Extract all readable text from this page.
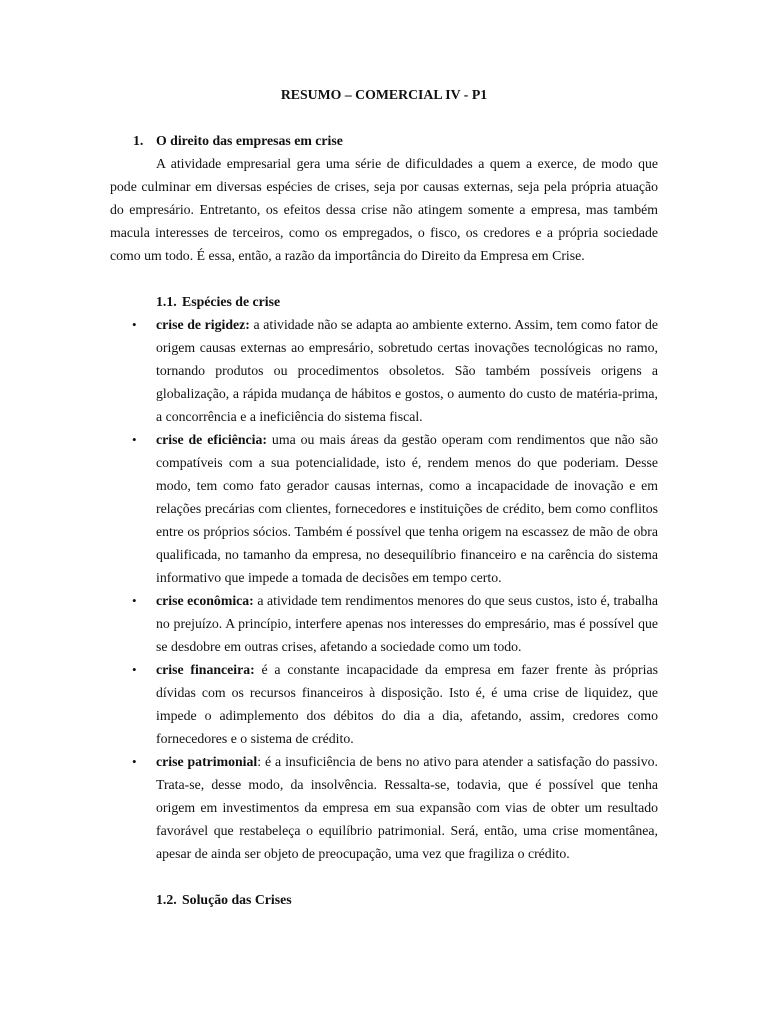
RESUMO – COMERCIAL IV - P1
1. O direito das empresas em crise

A atividade empresarial gera uma série de dificuldades a quem a exerce, de modo que pode culminar em diversas espécies de crises, seja por causas externas, seja pela própria atuação do empresário. Entretanto, os efeitos dessa crise não atingem somente a empresa, mas também macula interesses de terceiros, como os empregados, o fisco, os credores e a própria sociedade como um todo. É essa, então, a razão da importância do Direito da Empresa em Crise.

1.1. Espécies de crise
• crise de rigidez: a atividade não se adapta ao ambiente externo. Assim, tem como fator de origem causas externas ao empresário, sobretudo certas inovações tecnológicas no ramo, tornando produtos ou procedimentos obsoletos. São também possíveis origens a globalização, a rápida mudança de hábitos e gostos, o aumento do custo de matéria-prima, a concorrência e a ineficiência do sistema fiscal.
• crise de eficiência: uma ou mais áreas da gestão operam com rendimentos que não são compatíveis com a sua potencialidade, isto é, rendem menos do que poderiam. Desse modo, tem como fato gerador causas internas, como a incapacidade de inovação e em relações precárias com clientes, fornecedores e instituições de crédito, bem como conflitos entre os próprios sócios. Também é possível que tenha origem na escassez de mão de obra qualificada, no tamanho da empresa, no desequilíbrio financeiro e na carência do sistema informativo que impede a tomada de decisões em tempo certo.
• crise econômica: a atividade tem rendimentos menores do que seus custos, isto é, trabalha no prejuízo. A princípio, interfere apenas nos interesses do empresário, mas é possível que se desdobre em outras crises, afetando a sociedade como um todo.
• crise financeira: é a constante incapacidade da empresa em fazer frente às próprias dívidas com os recursos financeiros à disposição. Isto é, é uma crise de liquidez, que impede o adimplemento dos débitos do dia a dia, afetando, assim, credores como fornecedores e o sistema de crédito.
• crise patrimonial: é a insuficiência de bens no ativo para atender a satisfação do passivo. Trata-se, desse modo, da insolvência. Ressalta-se, todavia, que é possível que tenha origem em investimentos da empresa em sua expansão com vias de obter um resultado favorável que restabeleça o equilíbrio patrimonial. Será, então, uma crise momentânea, apesar de ainda ser objeto de preocupação, uma vez que fragiliza o crédito.
1.2. Solução das Crises
